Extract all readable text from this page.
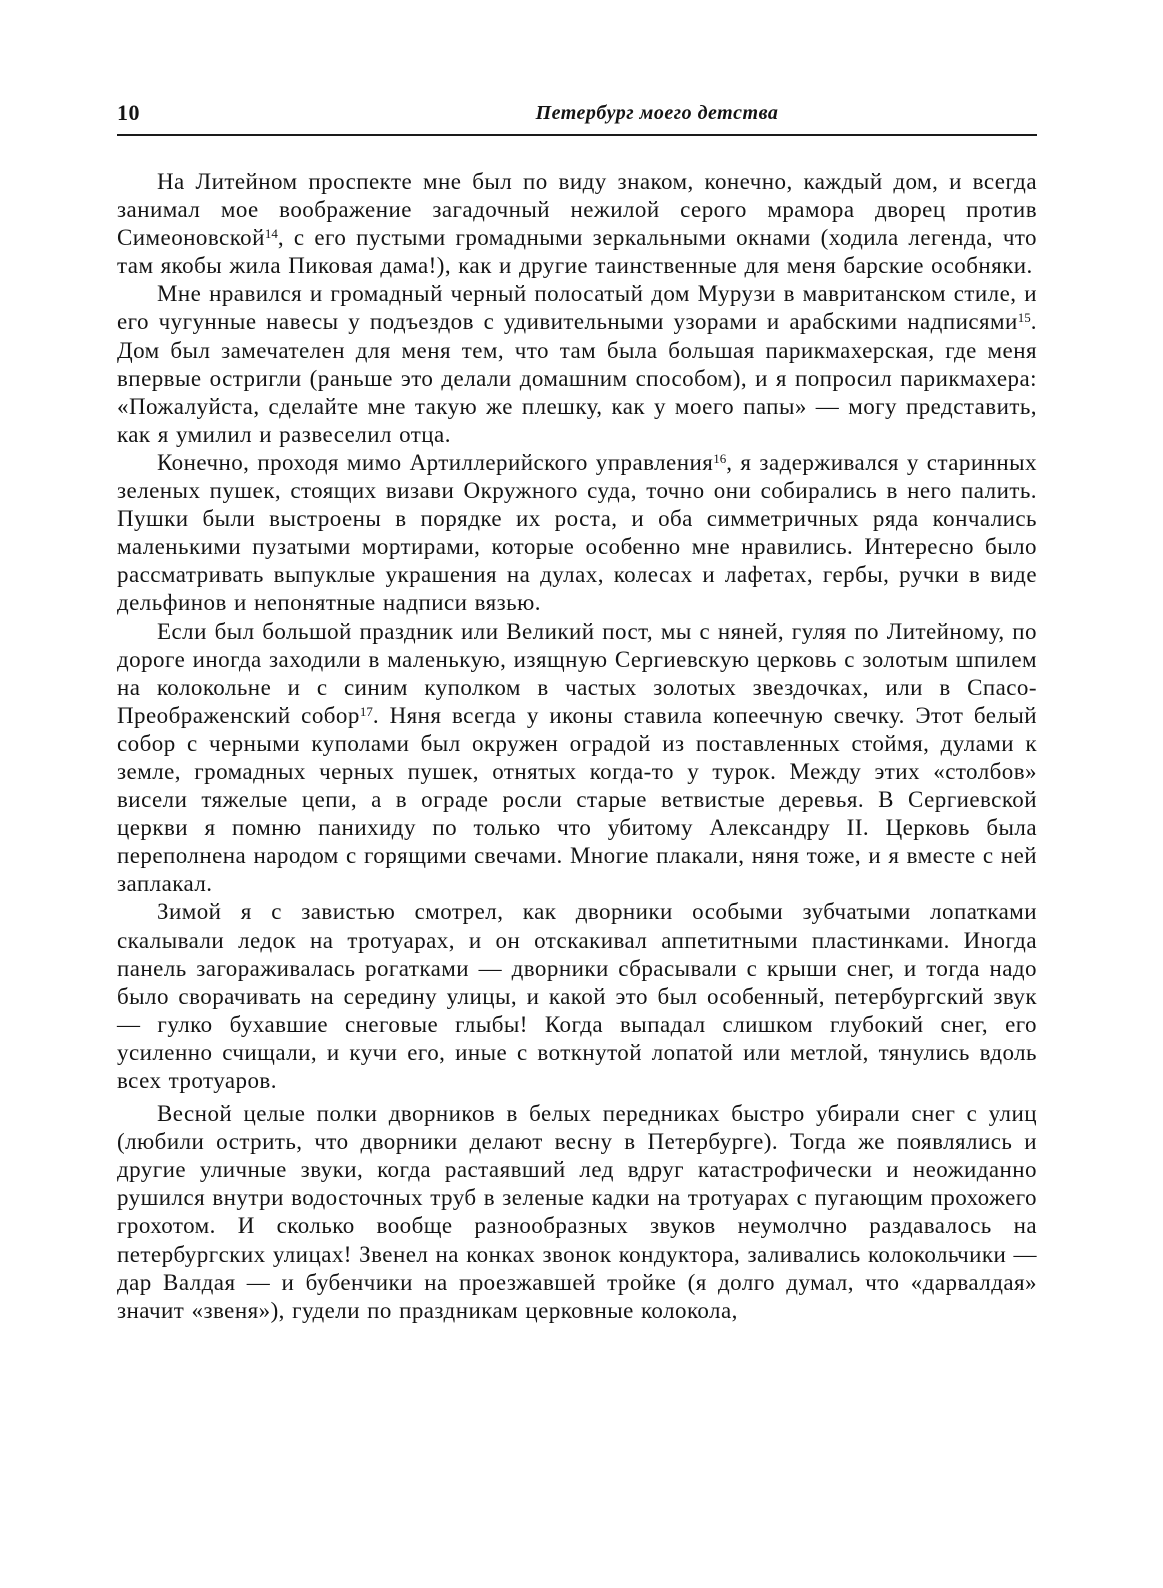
10	Петербург моего детства

На Литейном проспекте мне был по виду знаком, конечно, каждый дом, и всегда занимал мое воображение загадочный нежилой серого мрамора дворец против Симеоновской$^{14}$, с его пустыми громадными зеркальными окнами (ходила легенда, что там якобы жила Пиковая дама!), как и другие таинственные для меня барские особняки.

Мне нравился и громадный черный полосатый дом Мурузи в мавританском стиле, и его чугунные навесы у подъездов с удивительными узорами и арабскими надписями$^{15}$. Дом был замечателен для меня тем, что там была большая парикмахерская, где меня впервые остригли (раньше это делали домашним способом), и я попросил парикмахера: «Пожалуйста, сделайте мне такую же плешку, как у моего папы» — могу представить, как я умилил и развеселил отца.

Конечно, проходя мимо Артиллерийского управления$^{16}$, я задерживался у старинных зеленых пушек, стоящих визави Окружного суда, точно они собирались в него палить. Пушки были выстроены в порядке их роста, и оба симметричных ряда кончались маленькими пузатыми мортирами, которые особенно мне нравились. Интересно было рассматривать выпуклые украшения на дулах, колесах и лафетах, гербы, ручки в виде дельфинов и непонятные надписи вязью.

Если был большой праздник или Великий пост, мы с няней, гуляя по Литейному, по дороге иногда заходили в маленькую, изящную Сергиевскую церковь с золотым шпилем на колокольне и с синим куполком в частых золотых звездочках, или в Спасо-Преображенский собор$^{17}$. Няня всегда у иконы ставила копеечную свечку. Этот белый собор с черными куполами был окружен оградой из поставленных стоймя, дулами к земле, громадных черных пушек, отнятых когда-то у турок. Между этих «столбов» висели тяжелые цепи, а в ограде росли старые ветвистые деревья. В Сергиевской церкви я помню панихиду по только что убитому Александру II. Церковь была переполнена народом с горящими свечами. Многие плакали, няня тоже, и я вместе с ней заплакал.

Зимой я с завистью смотрел, как дворники особыми зубчатыми лопатками скалывали ледок на тротуарах, и он отскакивал аппетитными пластинками. Иногда панель загораживалась рогатками — дворники сбрасывали с крыши снег, и тогда надо было сворачивать на середину улицы, и какой это был особенный, петербургский звук — гулко бухавшие снеговые глыбы! Когда выпадал слишком глубокий снег, его усиленно счищали, и кучи его, иные с воткнутой лопатой или метлой, тянулись вдоль всех тротуаров.

Весной целые полки дворников в белых передниках быстро убирали снег с улиц (любили острить, что дворники делают весну в Петербурге). Тогда же появлялись и другие уличные звуки, когда растаявший лед вдруг катастрофически и неожиданно рушился внутри водосточных труб в зеленые кадки на тротуарах с пугающим прохожего грохотом. И сколько вообще разнообразных звуков неумолчно раздавалось на петербургских улицах! Звенел на конках звонок кондуктора, заливались колокольчики — дар Валдая — и бубенчики на проезжавшей тройке (я долго думал, что «дарвалдая» значит «звеня»), гудели по праздникам церковные колокола,
